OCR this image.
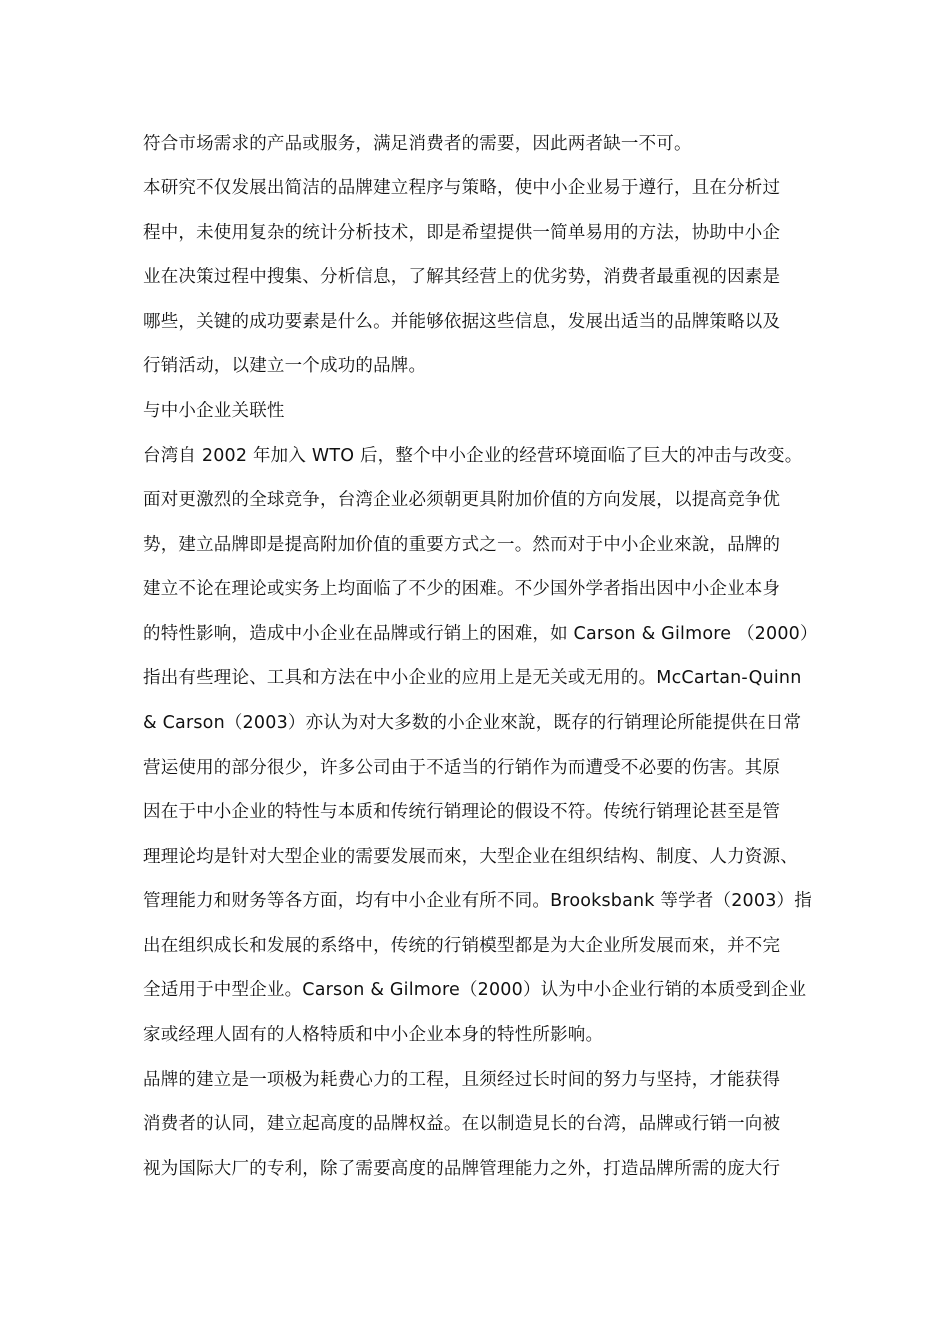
符合市场需求的产品或服务，满足消费者的需要，因此两者缺一不可。
本研究不仅发展出简洁的品牌建立程序与策略，使中小企业易于遵行，且在分析过
程中，未使用复杂的统计分析技术，即是希望提供一简单易用的方法，协助中小企
业在决策过程中搜集、分析信息，了解其经营上的优劣势，消费者最重视的因素是
哪些，关键的成功要素是什么。并能够依据这些信息，发展出适当的品牌策略以及
行销活动，以建立一个成功的品牌。
与中小企业关联性
台湾自 2002 年加入 WTO 后，整个中小企业的经营环境面临了巨大的冲击与改变。
面对更激烈的全球竞争，台湾企业必须朝更具附加价值的方向发展，以提高竞争优
势，建立品牌即是提高附加价值的重要方式之一。然而对于中小企业來說，品牌的
建立不论在理论或实务上均面临了不少的困难。不少国外学者指出因中小企业本身
的特性影响，造成中小企业在品牌或行销上的困难，如 Carson & Gilmore （2000）
指出有些理论、工具和方法在中小企业的应用上是无关或无用的。McCartan-Quinn
& Carson（2003）亦认为对大多数的小企业來說，既存的行销理论所能提供在日常
营运使用的部分很少，许多公司由于不适当的行销作为而遭受不必要的伤害。其原
因在于中小企业的特性与本质和传统行销理论的假设不符。传统行销理论甚至是管
理理论均是针对大型企业的需要发展而來，大型企业在组织结构、制度、人力资源、
管理能力和财务等各方面，均有中小企业有所不同。Brooksbank 等学者（2003）指
出在组织成长和发展的系络中，传统的行销模型都是为大企业所发展而來，并不完
全适用于中型企业。Carson & Gilmore（2000）认为中小企业行销的本质受到企业
家或经理人固有的人格特质和中小企业本身的特性所影响。
品牌的建立是一项极为耗费心力的工程，且须经过长时间的努力与坚持，才能获得
消费者的认同，建立起高度的品牌权益。在以制造見长的台湾，品牌或行销一向被
视为国际大厂的专利，除了需要高度的品牌管理能力之外，打造品牌所需的庞大行
